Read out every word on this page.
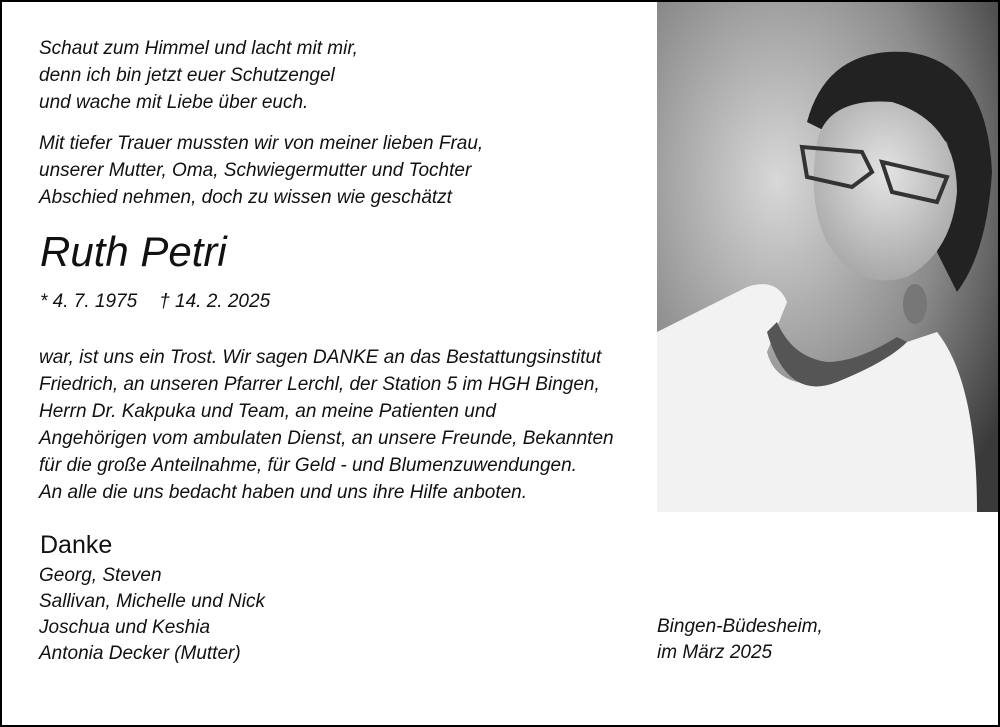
Schaut zum Himmel und lacht mit mir,
denn ich bin jetzt euer Schutzengel
und wache mit Liebe über euch.
Mit tiefer Trauer mussten wir von meiner lieben Frau,
unserer Mutter, Oma, Schwiegermutter und Tochter
Abschied nehmen, doch zu wissen wie geschätzt
Ruth Petri
* 4. 7. 1975 † 14. 2. 2025
war, ist uns ein Trost. Wir sagen DANKE an das Bestattungsinstitut
Friedrich, an unseren Pfarrer Lerchl, der Station 5 im HGH Bingen,
Herrn Dr. Kakpuka und Team, an meine Patienten und
Angehörigen vom ambulaten Dienst, an unsere Freunde, Bekannten
für die große Anteilnahme, für Geld - und Blumenzuwendungen.
An alle die uns bedacht haben und uns ihre Hilfe anboten.
Danke
Georg, Steven
Sallivan, Michelle und Nick
Joschua und Keshia
Antonia Decker (Mutter)
Bingen-Büdesheim,
im März 2025
